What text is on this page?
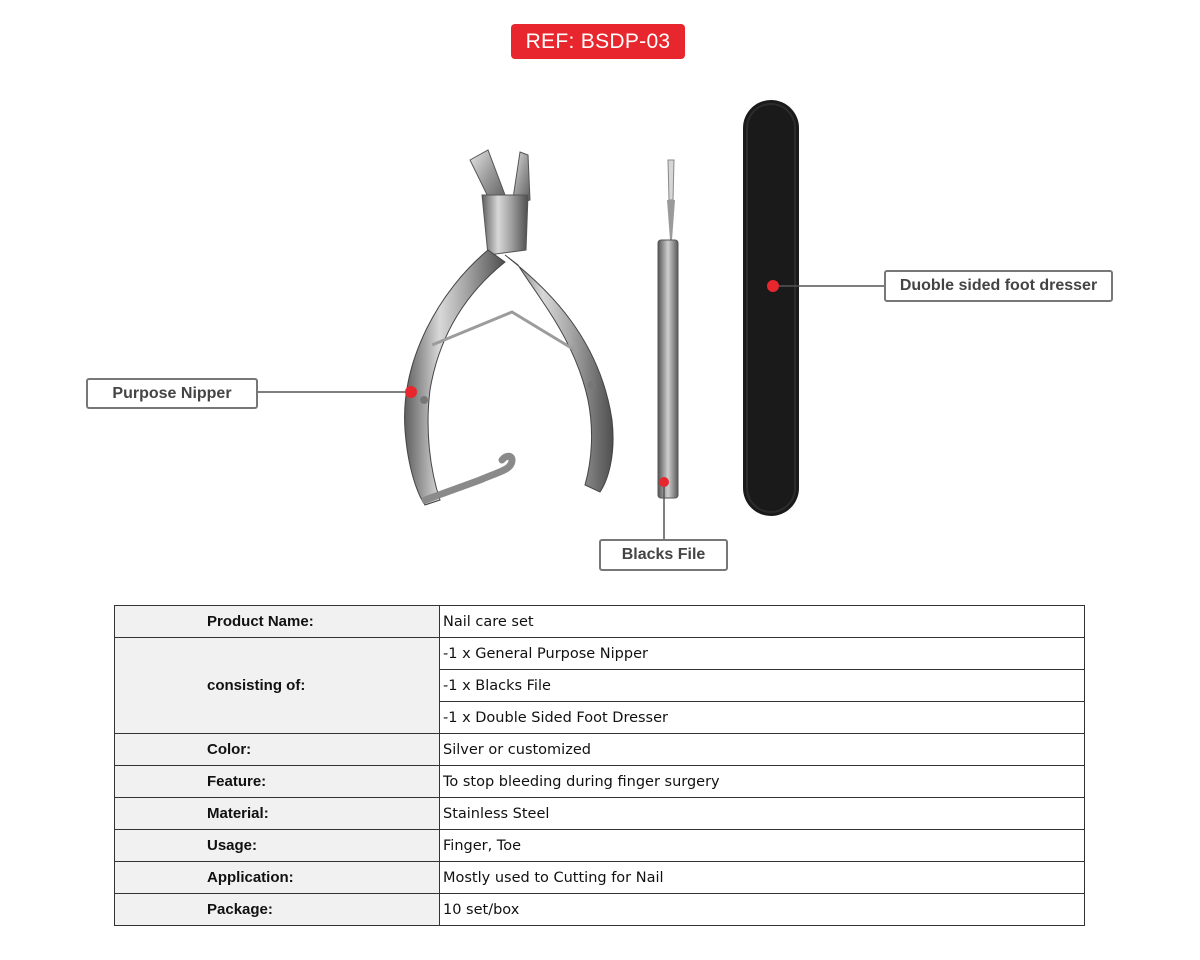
REF: BSDP-03
Purpose Nipper
Blacks File
Duoble sided foot dresser
Product Name:	Nail care set
consisting of:	-1 x General Purpose Nipper
	-1 x Blacks File
	-1 x Double Sided Foot Dresser
Color:	Silver or customized
Feature:	To stop bleeding during finger surgery
Material:	Stainless Steel
Usage:	Finger, Toe
Application:	Mostly used to Cutting for Nail
Package:	10 set/box
